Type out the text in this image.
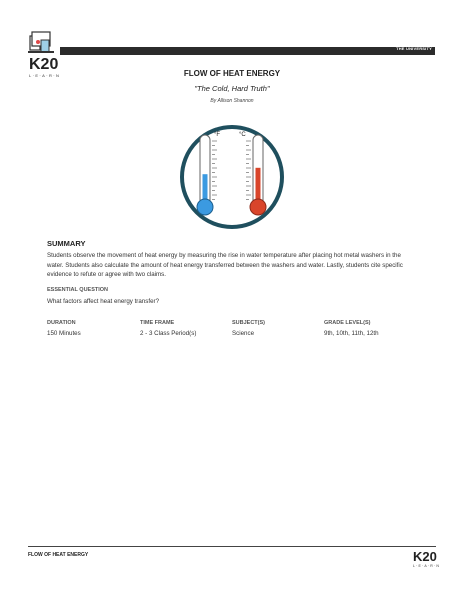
K20
L·E·A·R·N
THE UNIVERSITY
FLOW OF HEAT ENERGY
"The Cold, Hard Truth"
By Allison Shannon
°F	°C
SUMMARY
Students observe the movement of heat energy by measuring the rise in water temperature after placing hot metal washers in the water. Students also calculate the amount of heat energy transferred between the washers and water. Lastly, students cite specific evidence to refute or agree with two claims.
ESSENTIAL QUESTION
What factors affect heat energy transfer?
DURATION
150 Minutes
TIME FRAME
2 - 3 Class Period(s)
SUBJECT(S)
Science
GRADE LEVEL(S)
9th, 10th, 11th, 12th
FLOW OF HEAT ENERGY	K20
L·E·A·R·N
